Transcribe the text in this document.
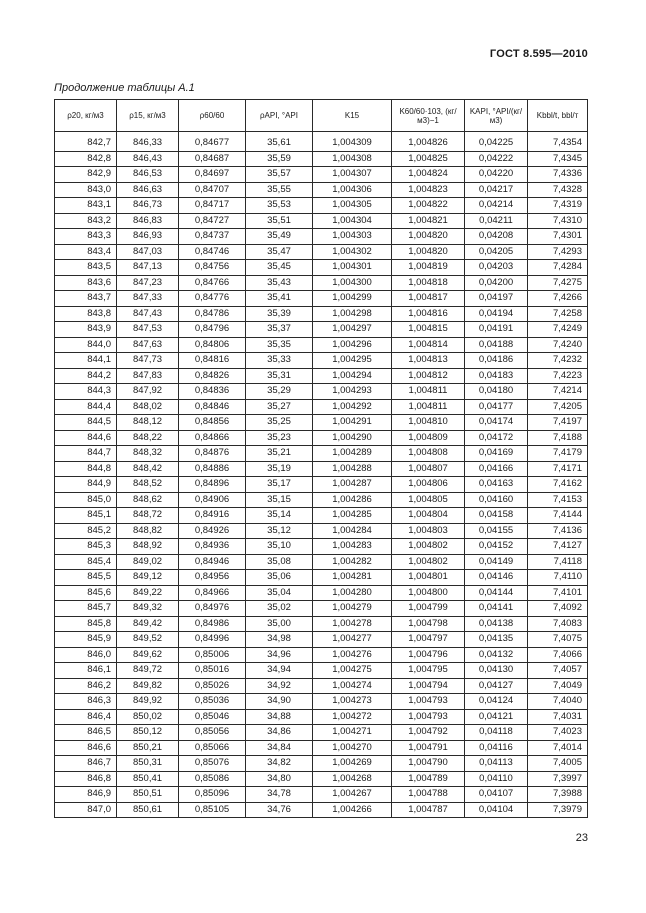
ГОСТ 8.595—2010
Продолжение таблицы А.1
ρ20, кг/м3	ρ15, кг/м3	ρ60/60	ρAPI, °API	K15	K60/60·103, (кг/м3)−1	KAPI, °API/(кг/м3)	Kbbl/t, bbl/т
842,7	846,33	0,84677	35,61	1,004309	1,004826	0,04225	7,4354
842,8	846,43	0,84687	35,59	1,004308	1,004825	0,04222	7,4345
842,9	846,53	0,84697	35,57	1,004307	1,004824	0,04220	7,4336
843,0	846,63	0,84707	35,55	1,004306	1,004823	0,04217	7,4328
843,1	846,73	0,84717	35,53	1,004305	1,004822	0,04214	7,4319
843,2	846,83	0,84727	35,51	1,004304	1,004821	0,04211	7,4310
843,3	846,93	0,84737	35,49	1,004303	1,004820	0,04208	7,4301
843,4	847,03	0,84746	35,47	1,004302	1,004820	0,04205	7,4293
843,5	847,13	0,84756	35,45	1,004301	1,004819	0,04203	7,4284
843,6	847,23	0,84766	35,43	1,004300	1,004818	0,04200	7,4275
843,7	847,33	0,84776	35,41	1,004299	1,004817	0,04197	7,4266
843,8	847,43	0,84786	35,39	1,004298	1,004816	0,04194	7,4258
843,9	847,53	0,84796	35,37	1,004297	1,004815	0,04191	7,4249
844,0	847,63	0,84806	35,35	1,004296	1,004814	0,04188	7,4240
844,1	847,73	0,84816	35,33	1,004295	1,004813	0,04186	7,4232
844,2	847,83	0,84826	35,31	1,004294	1,004812	0,04183	7,4223
844,3	847,92	0,84836	35,29	1,004293	1,004811	0,04180	7,4214
844,4	848,02	0,84846	35,27	1,004292	1,004811	0,04177	7,4205
844,5	848,12	0,84856	35,25	1,004291	1,004810	0,04174	7,4197
844,6	848,22	0,84866	35,23	1,004290	1,004809	0,04172	7,4188
844,7	848,32	0,84876	35,21	1,004289	1,004808	0,04169	7,4179
844,8	848,42	0,84886	35,19	1,004288	1,004807	0,04166	7,4171
844,9	848,52	0,84896	35,17	1,004287	1,004806	0,04163	7,4162
845,0	848,62	0,84906	35,15	1,004286	1,004805	0,04160	7,4153
845,1	848,72	0,84916	35,14	1,004285	1,004804	0,04158	7,4144
845,2	848,82	0,84926	35,12	1,004284	1,004803	0,04155	7,4136
845,3	848,92	0,84936	35,10	1,004283	1,004802	0,04152	7,4127
845,4	849,02	0,84946	35,08	1,004282	1,004802	0,04149	7,4118
845,5	849,12	0,84956	35,06	1,004281	1,004801	0,04146	7,4110
845,6	849,22	0,84966	35,04	1,004280	1,004800	0,04144	7,4101
845,7	849,32	0,84976	35,02	1,004279	1,004799	0,04141	7,4092
845,8	849,42	0,84986	35,00	1,004278	1,004798	0,04138	7,4083
845,9	849,52	0,84996	34,98	1,004277	1,004797	0,04135	7,4075
846,0	849,62	0,85006	34,96	1,004276	1,004796	0,04132	7,4066
846,1	849,72	0,85016	34,94	1,004275	1,004795	0,04130	7,4057
846,2	849,82	0,85026	34,92	1,004274	1,004794	0,04127	7,4049
846,3	849,92	0,85036	34,90	1,004273	1,004793	0,04124	7,4040
846,4	850,02	0,85046	34,88	1,004272	1,004793	0,04121	7,4031
846,5	850,12	0,85056	34,86	1,004271	1,004792	0,04118	7,4023
846,6	850,21	0,85066	34,84	1,004270	1,004791	0,04116	7,4014
846,7	850,31	0,85076	34,82	1,004269	1,004790	0,04113	7,4005
846,8	850,41	0,85086	34,80	1,004268	1,004789	0,04110	7,3997
846,9	850,51	0,85096	34,78	1,004267	1,004788	0,04107	7,3988
847,0	850,61	0,85105	34,76	1,004266	1,004787	0,04104	7,3979
23
